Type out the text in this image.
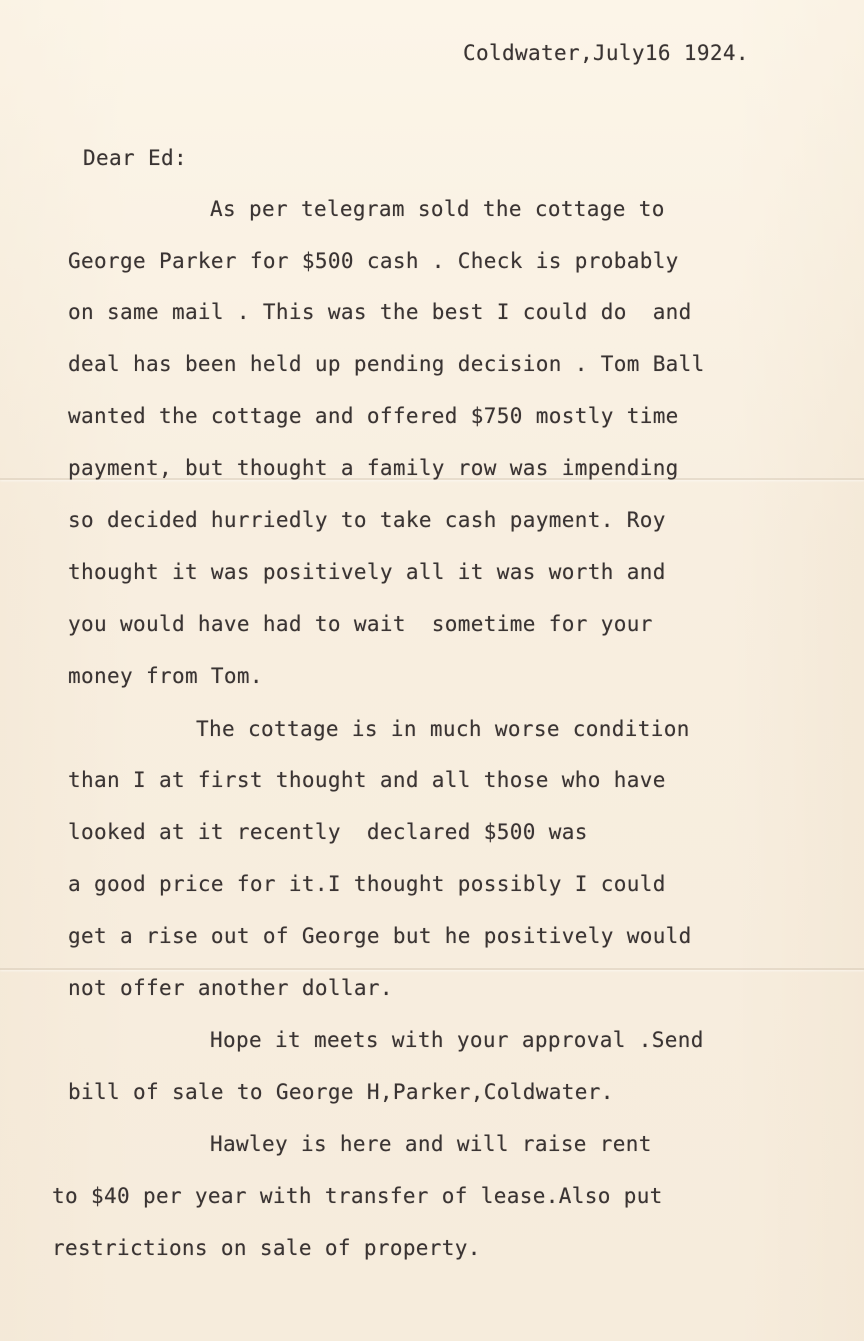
Coldwater,July16 1924.
Dear Ed:
As per telegram sold the cottage to
George Parker for $500 cash . Check is probably
on same mail . This was the best I could do  and
deal has been held up pending decision . Tom Ball
wanted the cottage and offered $750 mostly time
payment, but thought a family row was impending
so decided hurriedly to take cash payment. Roy
thought it was positively all it was worth and
you would have had to wait  sometime for your
money from Tom.
The cottage is in much worse condition
than I at first thought and all those who have
looked at it recently  declared $500 was
a good price for it.I thought possibly I could
get a rise out of George but he positively would
not offer another dollar.
Hope it meets with your approval .Send
bill of sale to George H,Parker,Coldwater.
Hawley is here and will raise rent
to $40 per year with transfer of lease.Also put
restrictions on sale of property.
